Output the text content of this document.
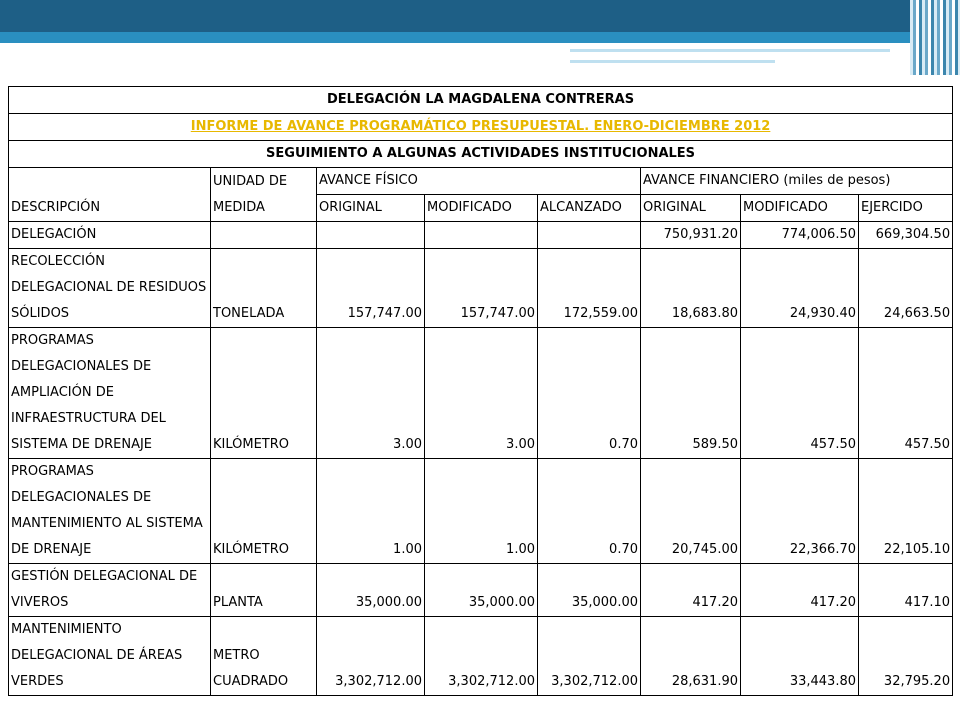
DELEGACIÓN LA MAGDALENA CONTRERAS							
INFORME DE AVANCE PROGRAMÁTICO PRESUPUESTAL. ENERO-DICIEMBRE 2012							
SEGUIMIENTO A ALGUNAS ACTIVIDADES INSTITUCIONALES							
DESCRIPCIÓN	UNIDAD DE MEDIDA	AVANCE FÍSICO			AVANCE FINANCIERO (miles de pesos)		
		ORIGINAL	MODIFICADO	ALCANZADO	ORIGINAL	MODIFICADO	EJERCIDO
DELEGACIÓN					750,931.20	774,006.50	669,304.50
RECOLECCIÓN DELEGACIONAL DE RESIDUOS SÓLIDOS	TONELADA	157,747.00	157,747.00	172,559.00	18,683.80	24,930.40	24,663.50
PROGRAMAS DELEGACIONALES DE AMPLIACIÓN DE INFRAESTRUCTURA DEL SISTEMA DE DRENAJE	KILÓMETRO	3.00	3.00	0.70	589.50	457.50	457.50
PROGRAMAS DELEGACIONALES DE MANTENIMIENTO AL SISTEMA DE DRENAJE	KILÓMETRO	1.00	1.00	0.70	20,745.00	22,366.70	22,105.10
GESTIÓN DELEGACIONAL DE VIVEROS	PLANTA	35,000.00	35,000.00	35,000.00	417.20	417.20	417.10
MANTENIMIENTO DELEGACIONAL DE ÁREAS VERDES	METRO CUADRADO	3,302,712.00	3,302,712.00	3,302,712.00	28,631.90	33,443.80	32,795.20
